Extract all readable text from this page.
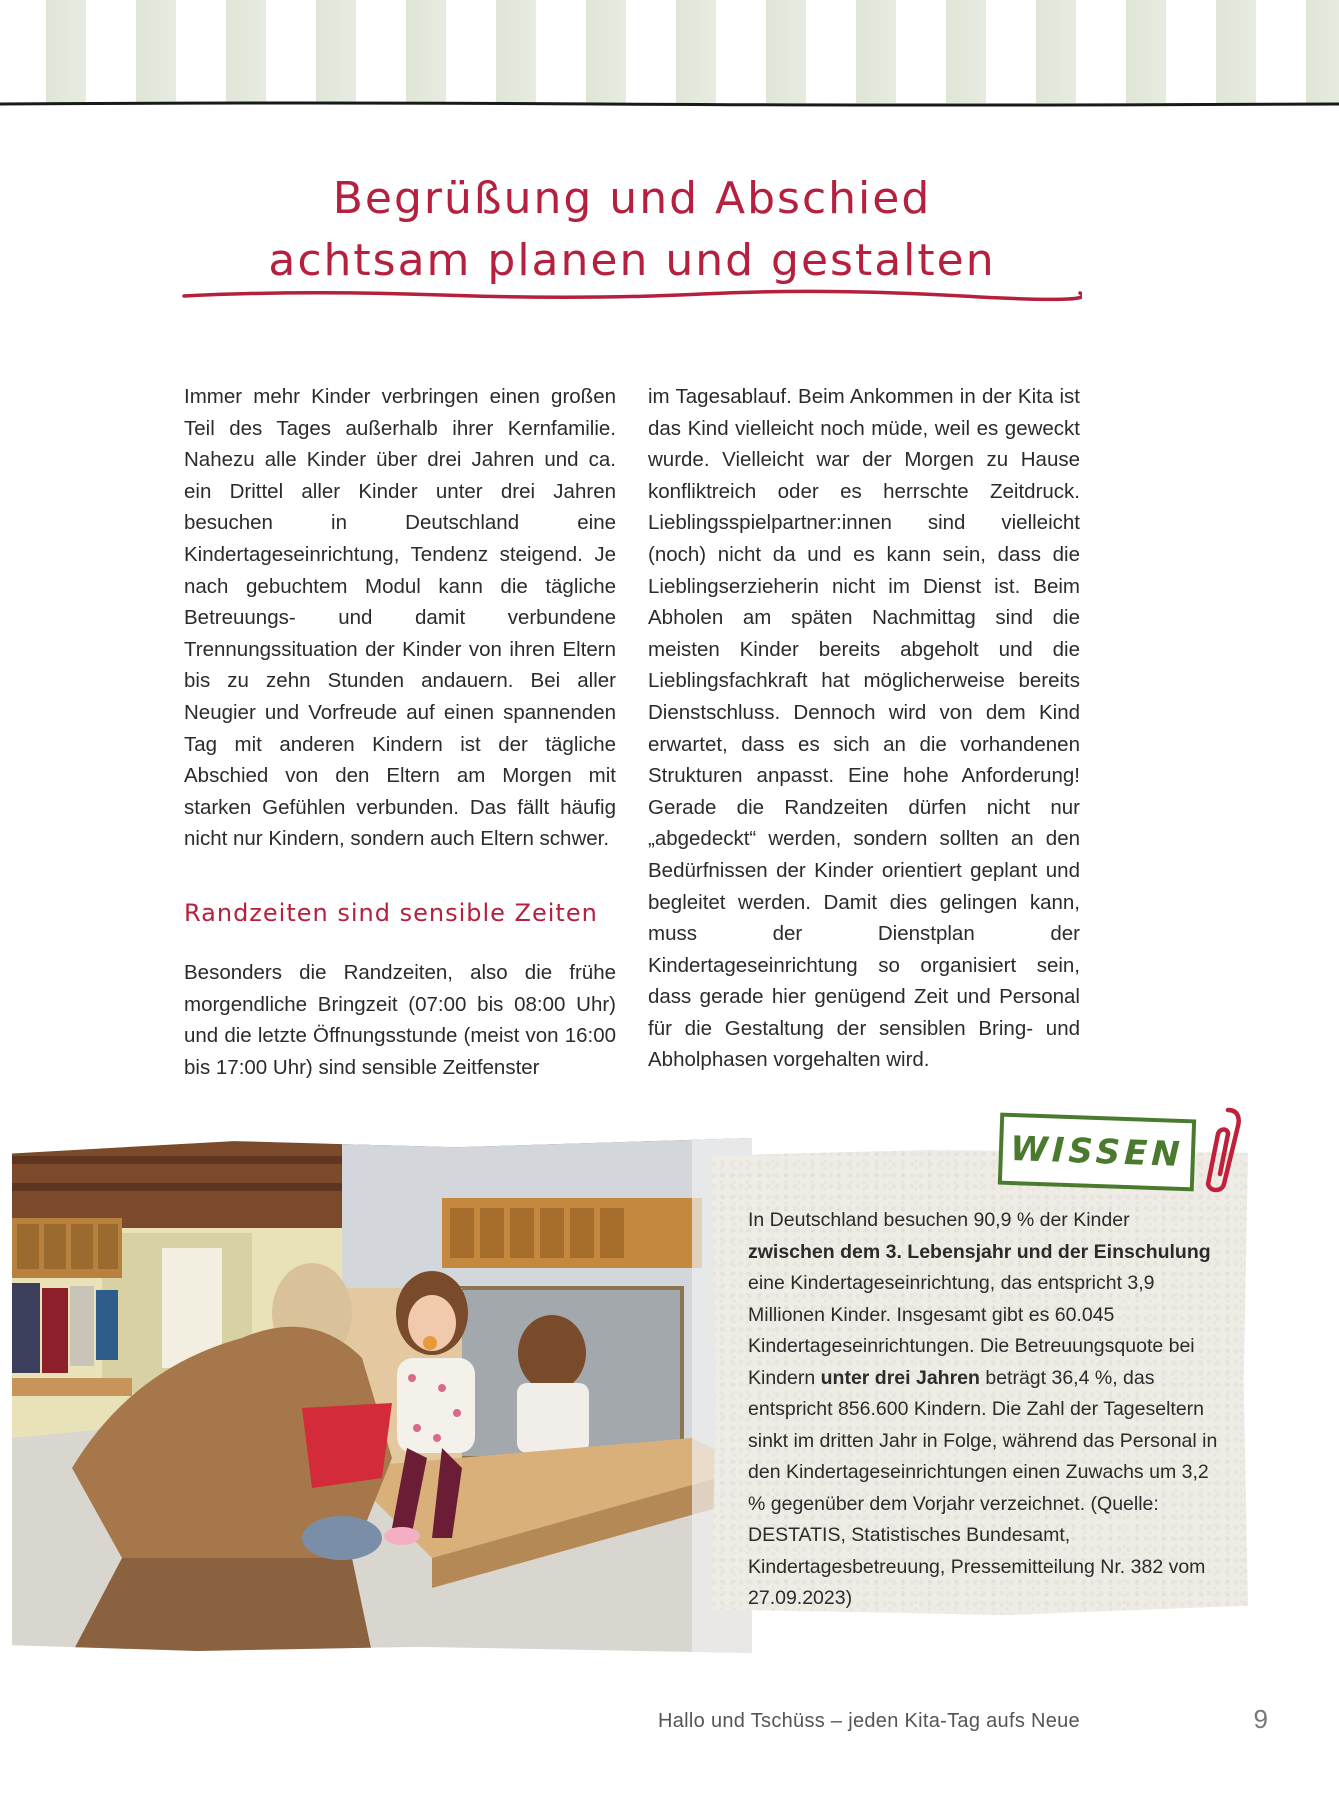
Begrüßung und Abschied
achtsam planen und gestalten

Immer mehr Kinder verbringen einen großen Teil des Tages außerhalb ihrer Kernfamilie. Nahezu alle Kinder über drei Jahren und ca. ein Drittel aller Kinder unter drei Jahren besuchen in Deutschland eine Kindertageseinrichtung, Tendenz steigend. Je nach gebuchtem Modul kann die tägliche Betreuungs- und damit verbundene Trennungssituation der Kinder von ihren Eltern bis zu zehn Stunden andauern. Bei aller Neugier und Vorfreude auf einen spannenden Tag mit anderen Kindern ist der tägliche Abschied von den Eltern am Morgen mit starken Gefühlen verbunden. Das fällt häufig nicht nur Kindern, sondern auch Eltern schwer.

Randzeiten sind sensible Zeiten

Besonders die Randzeiten, also die frühe morgendliche Bringzeit (07:00 bis 08:00 Uhr) und die letzte Öffnungsstunde (meist von 16:00 bis 17:00 Uhr) sind sensible Zeitfenster

im Tagesablauf. Beim Ankommen in der Kita ist das Kind vielleicht noch müde, weil es geweckt wurde. Vielleicht war der Morgen zu Hause konfliktreich oder es herrschte Zeitdruck. Lieblingsspielpartner:innen sind vielleicht (noch) nicht da und es kann sein, dass die Lieblingserzieherin nicht im Dienst ist. Beim Abholen am späten Nachmittag sind die meisten Kinder bereits abgeholt und die Lieblingsfachkraft hat möglicherweise bereits Dienstschluss. Dennoch wird von dem Kind erwartet, dass es sich an die vorhandenen Strukturen anpasst. Eine hohe Anforderung! Gerade die Randzeiten dürfen nicht nur „abgedeckt“ werden, sondern sollten an den Bedürfnissen der Kinder orientiert geplant und begleitet werden. Damit dies gelingen kann, muss der Dienstplan der Kindertageseinrichtung so organisiert sein, dass gerade hier genügend Zeit und Personal für die Gestaltung der sensiblen Bring- und Abholphasen vorgehalten wird.

In Deutschland besuchen 90,9 % der Kinder zwischen dem 3. Lebensjahr und der Einschulung eine Kindertageseinrichtung, das entspricht 3,9 Millionen Kinder. Insgesamt gibt es 60.045 Kindertageseinrichtungen. Die Betreuungsquote bei Kindern unter drei Jahren beträgt 36,4 %, das entspricht 856.600 Kindern. Die Zahl der Tageseltern sinkt im dritten Jahr in Folge, während das Personal in den Kindertageseinrichtungen einen Zuwachs um 3,2 % gegenüber dem Vorjahr verzeichnet. (Quelle: DESTATIS, Statistisches Bundesamt, Kindertagesbetreuung, Pressemitteilung Nr. 382 vom 27.09.2023)
WISSEN
Hallo und Tschüss – jeden Kita-Tag aufs Neue	9
